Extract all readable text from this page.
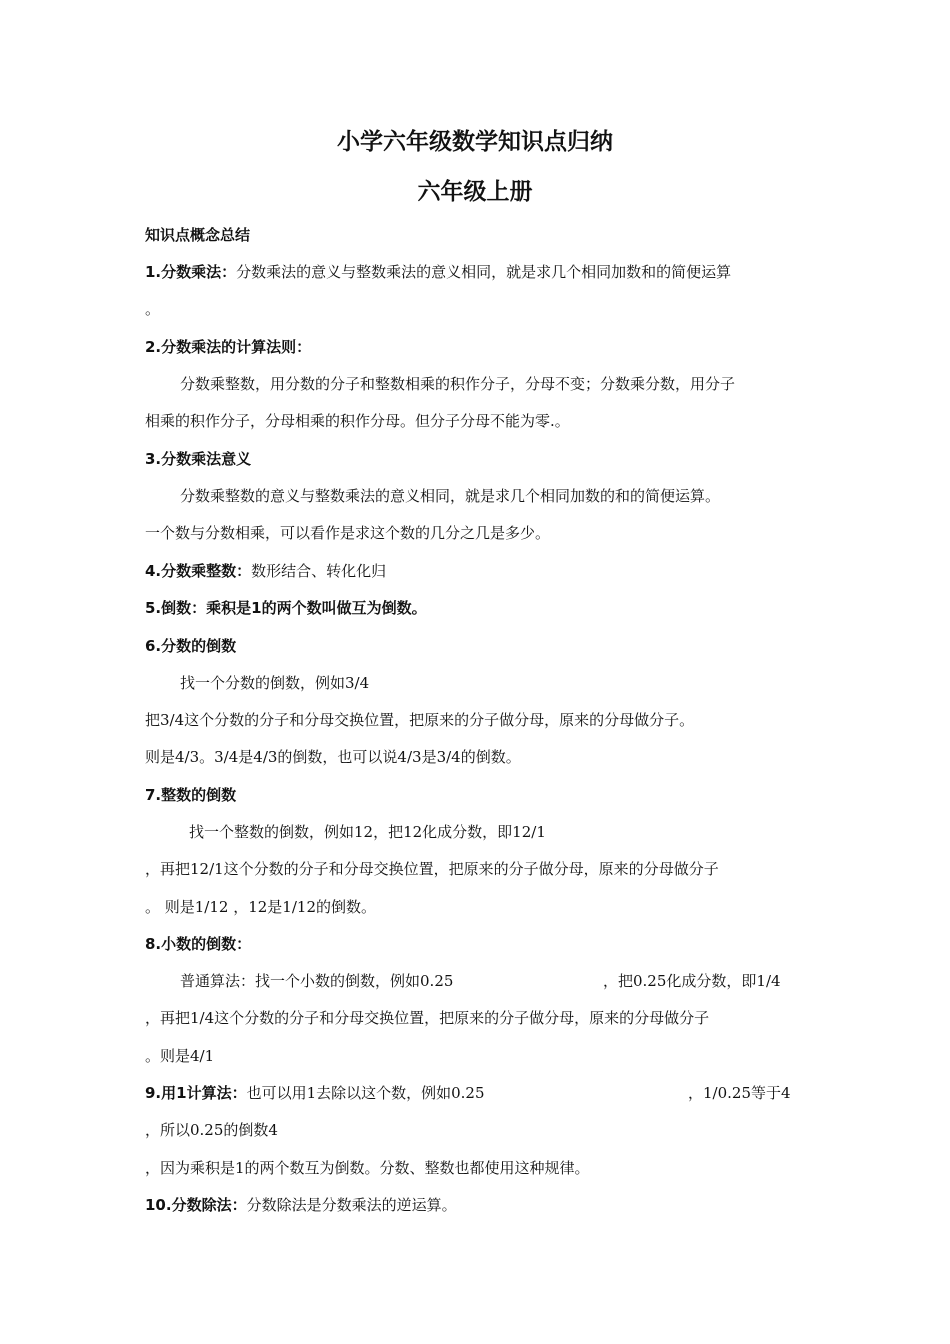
小学六年级数学知识点归纳
六年级上册

知识点概念总结

1.分数乘法：分数乘法的意义与整数乘法的意义相同，就是求几个相同加数和的简便运算

。

2.分数乘法的计算法则：

分数乘整数，用分数的分子和整数相乘的积作分子，分母不变；分数乘分数，用分子

相乘的积作分子，分母相乘的积作分母。但分子分母不能为零.。

3.分数乘法意义

分数乘整数的意义与整数乘法的意义相同，就是求几个相同加数的和的简便运算。

一个数与分数相乘，可以看作是求这个数的几分之几是多少。

4.分数乘整数：数形结合、转化化归

5.倒数：乘积是1的两个数叫做互为倒数。

6.分数的倒数

找一个分数的倒数，例如3/4

把3/4这个分数的分子和分母交换位置，把原来的分子做分母，原来的分母做分子。

则是4/3。3/4是4/3的倒数，也可以说4/3是3/4的倒数。

7.整数的倒数

找一个整数的倒数，例如12，把12化成分数，即12/1

，再把12/1这个分数的分子和分母交换位置，把原来的分子做分母，原来的分母做分子

。 则是1/12 ，12是1/12的倒数。

8.小数的倒数：

普通算法：找一个小数的倒数，例如0.25	，把0.25化成分数，即1/4

，再把1/4这个分数的分子和分母交换位置，把原来的分子做分母，原来的分母做分子

。则是4/1

9.用1计算法：也可以用1去除以这个数，例如0.25	，1/0.25等于4

，所以0.25的倒数4

，因为乘积是1的两个数互为倒数。分数、整数也都使用这种规律。

10.分数除法：分数除法是分数乘法的逆运算。
